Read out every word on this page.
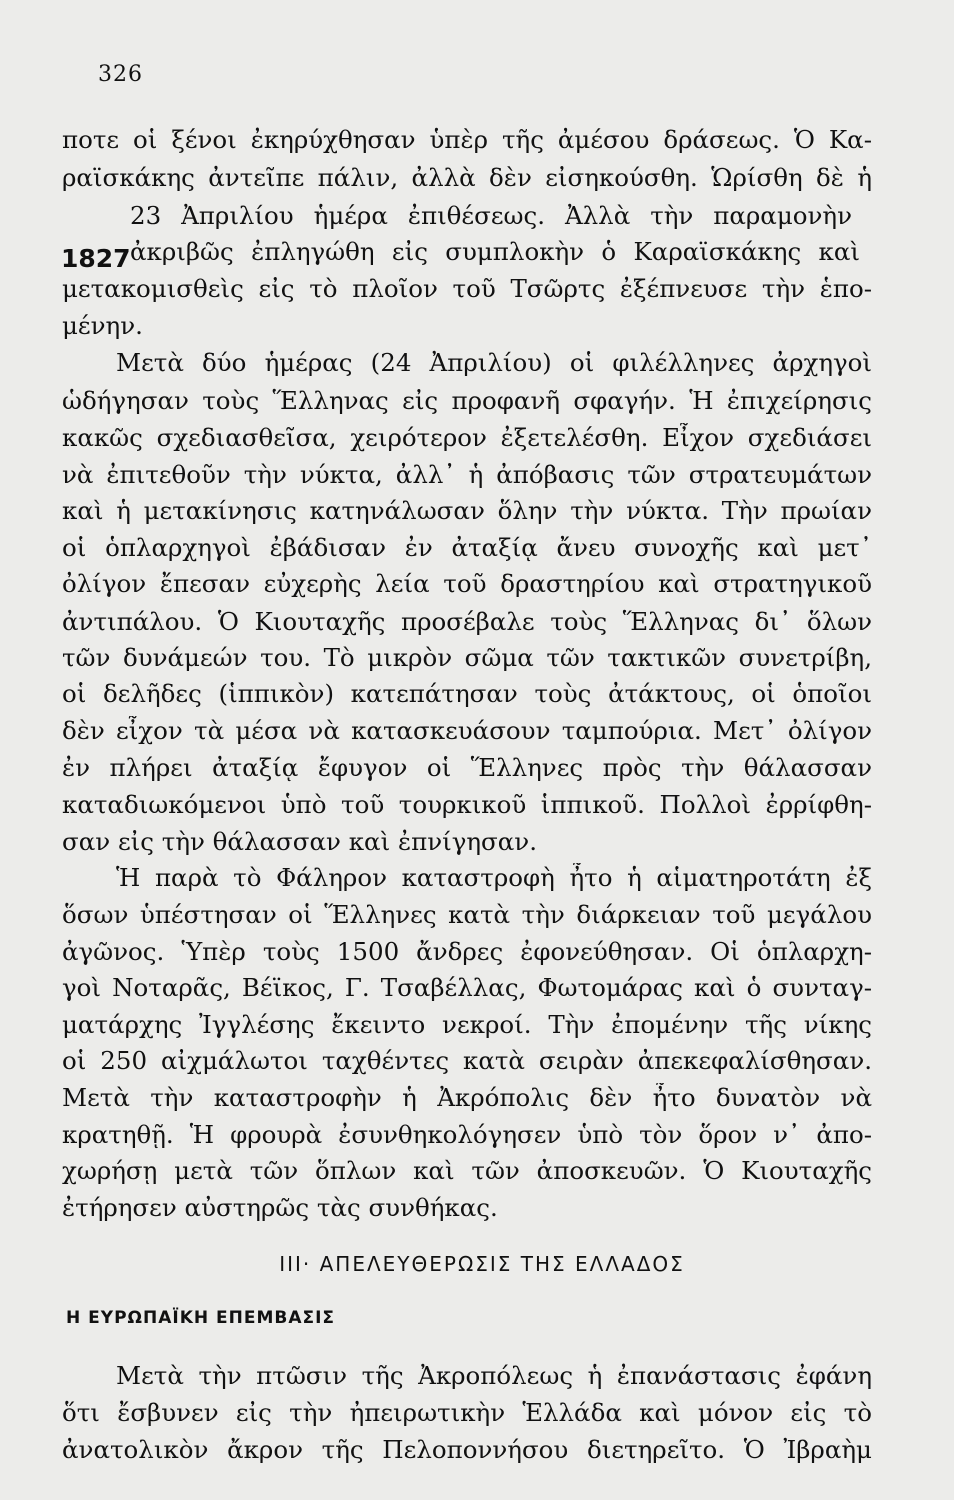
326
1827
ποτε οἱ ξένοι ἐκηρύχθησαν ὑπὲρ τῆς ἀμέσου δράσεως. Ὁ Κα-
ραϊσκάκης ἀντεῖπε πάλιν, ἀλλὰ δὲν εἰσηκούσθη. Ὡρίσθη δὲ ἡ
23 Ἀπριλίου ἡμέρα ἐπιθέσεως. Ἀλλὰ τὴν παραμονὴν
ἀκριβῶς ἐπληγώθη εἰς συμπλοκὴν ὁ Καραϊσκάκης καὶ
μετακομισθεὶς εἰς τὸ πλοῖον τοῦ Τσῶρτς ἐξέπνευσε τὴν ἑπο-
μένην.
Μετὰ δύο ἡμέρας (24 Ἀπριλίου) οἱ φιλέλληνες ἀρχηγοὶ
ὡδήγησαν τοὺς Ἕλληνας εἰς προφανῆ σφαγήν. Ἡ ἐπιχείρησις
κακῶς σχεδιασθεῖσα, χειρότερον ἐξετελέσθη. Εἶχον σχεδιάσει
νὰ ἐπιτεθοῦν τὴν νύκτα, ἀλλ᾽ ἡ ἀπόβασις τῶν στρατευμάτων
καὶ ἡ μετακίνησις κατηνάλωσαν ὅλην τὴν νύκτα. Τὴν πρωίαν
οἱ ὁπλαρχηγοὶ ἐβάδισαν ἐν ἀταξίᾳ ἄνευ συνοχῆς καὶ μετ᾽
ὀλίγον ἔπεσαν εὐχερὴς λεία τοῦ δραστηρίου καὶ στρατηγικοῦ
ἀντιπάλου. Ὁ Κιουταχῆς προσέβαλε τοὺς Ἕλληνας δι᾽ ὅλων
τῶν δυνάμεών του. Τὸ μικρὸν σῶμα τῶν τακτικῶν συνετρίβη,
οἱ δελῆδες (ἱππικὸν) κατεπάτησαν τοὺς ἀτάκτους, οἱ ὁποῖοι
δὲν εἶχον τὰ μέσα νὰ κατασκευάσουν ταμπούρια. Μετ᾽ ὀλίγον
ἐν πλήρει ἀταξίᾳ ἔφυγον οἱ Ἕλληνες πρὸς τὴν θάλασσαν
καταδιωκόμενοι ὑπὸ τοῦ τουρκικοῦ ἱππικοῦ. Πολλοὶ ἐρρίφθη-
σαν εἰς τὴν θάλασσαν καὶ ἐπνίγησαν.
Ἡ παρὰ τὸ Φάληρον καταστροφὴ ἦτο ἡ αἱματηροτάτη ἐξ
ὅσων ὑπέστησαν οἱ Ἕλληνες κατὰ τὴν διάρκειαν τοῦ μεγάλου
ἀγῶνος. Ὑπὲρ τοὺς 1500 ἄνδρες ἐφονεύθησαν. Οἱ ὁπλαρχη-
γοὶ Νοταρᾶς, Βέϊκος, Γ. Τσαβέλλας, Φωτομάρας καὶ ὁ συνταγ-
ματάρχης Ἰγγλέσης ἔκειντο νεκροί. Τὴν ἐπομένην τῆς νίκης
οἱ 250 αἰχμάλωτοι ταχθέντες κατὰ σειρὰν ἀπεκεφαλίσθησαν.
Μετὰ τὴν καταστροφὴν ἡ Ἀκρόπολις δὲν ἦτο δυνατὸν νὰ
κρατηθῇ. Ἡ φρουρὰ ἐσυνθηκολόγησεν ὑπὸ τὸν ὅρον ν᾽ ἀπο-
χωρήσῃ μετὰ τῶν ὅπλων καὶ τῶν ἀποσκευῶν. Ὁ Κιουταχῆς
ἐτήρησεν αὐστηρῶς τὰς συνθήκας.
III· ΑΠΕΛΕΥΘΕΡΩΣΙΣ ΤΗΣ ΕΛΛΑΔΟΣ
Η ΕΥΡΩΠΑΪΚΗ ΕΠΕΜΒΑΣΙΣ
Μετὰ τὴν πτῶσιν τῆς Ἀκροπόλεως ἡ ἐπανάστασις ἐφάνη
ὅτι ἔσβυνεν εἰς τὴν ἠπειρωτικὴν Ἑλλάδα καὶ μόνον εἰς τὸ
ἀνατολικὸν ἄκρον τῆς Πελοποννήσου διετηρεῖτο. Ὁ Ἰβραὴμ
